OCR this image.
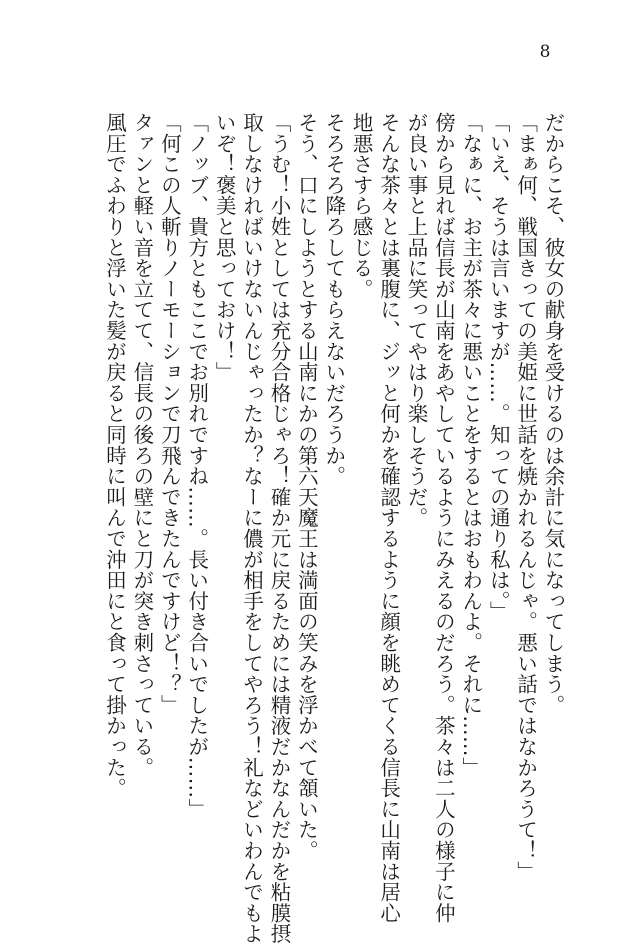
8
だからこそ、彼女の献身を受けるのは余計に気になってしまう。
「まぁ何、戦国きっての美姫に世話を焼かれるんじゃ。悪い話ではなかろうて！」
「いえ、そうは言いますが……。知っての通り私は。」
「なぁに、お主が茶々に悪いことをするとはおもわんよ。それに……」
傍から見れば信長が山南をあやしているようにみえるのだろう。茶々は二人の様子に仲
が良い事と上品に笑ってやはり楽しそうだ。
そんな茶々とは裏腹に、ジッと何かを確認するように顔を眺めてくる信長に山南は居心
地悪さすら感じる。
そろそろ降ろしてもらえないだろうか。
そう、口にしようとする山南にかの第六天魔王は満面の笑みを浮かべて頷いた。
「うむ！小姓としては充分合格じゃろ！確か元に戻るためには精液だかなんだかを粘膜摂
取しなければいけないんじゃったか？なーに儂が相手をしてやろう！礼などいわんでもよ
いぞ！褒美と思っておけ！」
「ノッブ、貴方ともここでお別れですね……。長い付き合いでしたが……」
「何この人斬りノーモーションで刀飛んできたんですけど！？」
タァンと軽い音を立てて、信長の後ろの壁にと刀が突き刺さっている。
風圧でふわりと浮いた髪が戻ると同時に叫んで沖田にと食って掛かった。
